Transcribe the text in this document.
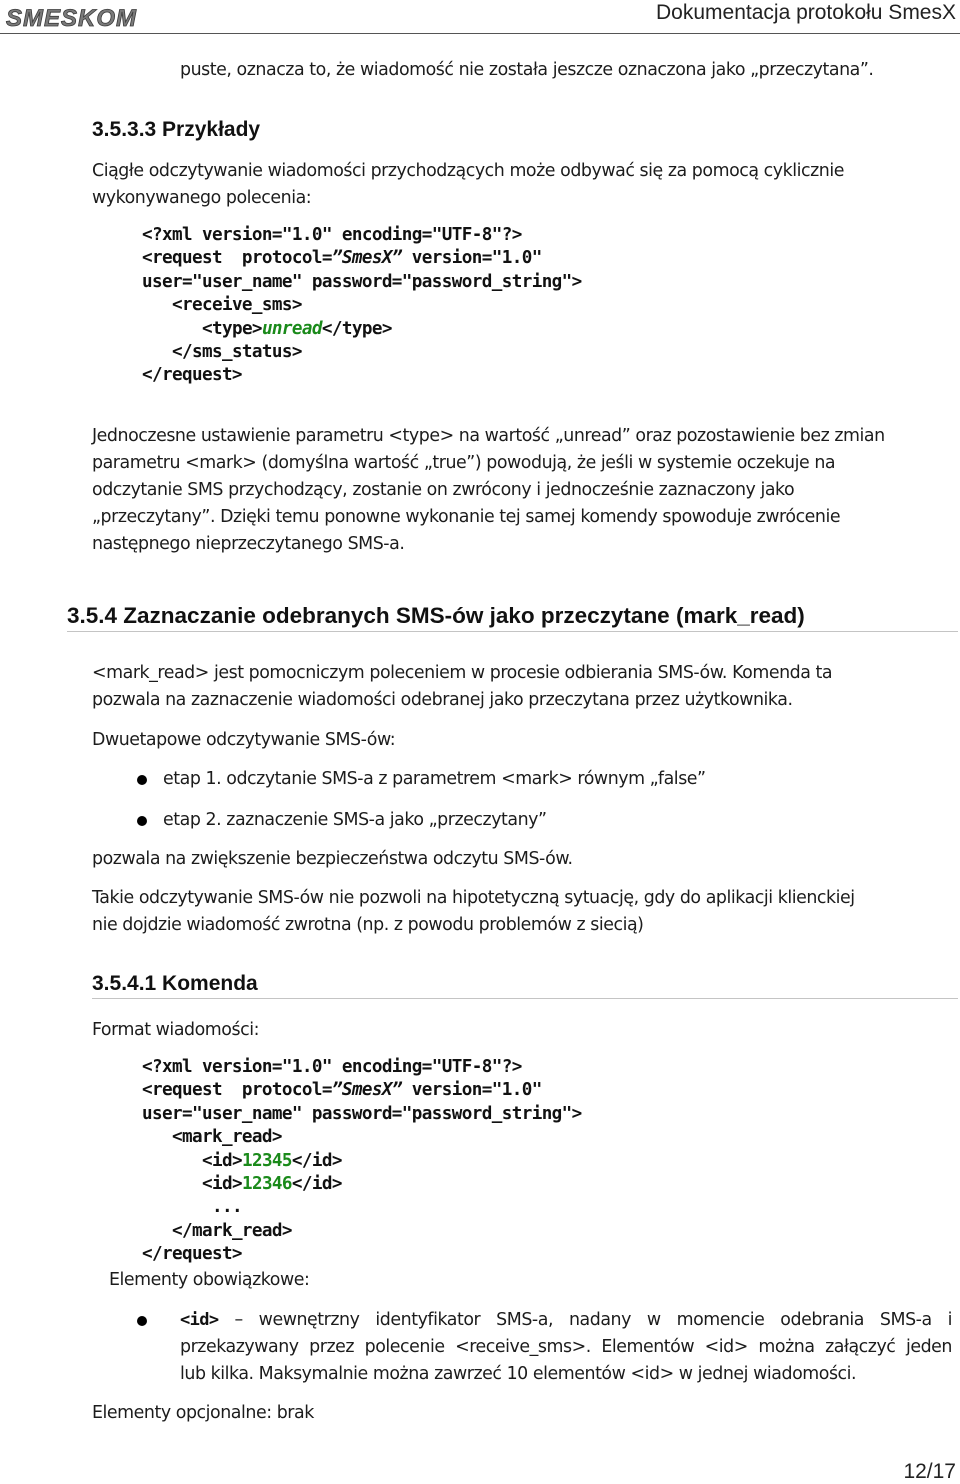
SMESKOM	Dokumentacja protokołu SmesX
puste, oznacza to, że wiadomość nie została jeszcze oznaczona jako „przeczytana”.
3.5.3.3 Przykłady
Ciągłe odczytywanie wiadomości przychodzących może odbywać się za pomocą cyklicznie
wykonywanego polecenia:
<?xml version="1.0" encoding="UTF-8"?>
<request  protocol=”SmesX” version="1.0"
user="user_name" password="password_string">
<receive_sms>
<type>unread</type>
</sms_status>
</request>
Jednoczesne ustawienie parametru <type> na wartość „unread” oraz pozostawienie bez zmian
parametru <mark> (domyślna wartość „true”) powodują, że jeśli w systemie oczekuje na
odczytanie SMS przychodzący, zostanie on zwrócony i jednocześnie zaznaczony jako
„przeczytany”. Dzięki temu ponowne wykonanie tej samej komendy spowoduje zwrócenie
następnego nieprzeczytanego SMS-a.
3.5.4 Zaznaczanie odebranych SMS-ów jako przeczytane (mark_read)
<mark_read> jest pomocniczym poleceniem w procesie odbierania SMS-ów. Komenda ta
pozwala na zaznaczenie wiadomości odebranej jako przeczytana przez użytkownika.
Dwuetapowe odczytywanie SMS-ów:
etap 1. odczytanie SMS-a z parametrem <mark> równym „false”
etap 2. zaznaczenie SMS-a jako „przeczytany”
pozwala na zwiększenie bezpieczeństwa odczytu SMS-ów.
Takie odczytywanie SMS-ów nie pozwoli na hipotetyczną sytuację, gdy do aplikacji klienckiej
nie dojdzie wiadomość zwrotna (np. z powodu problemów z siecią)
3.5.4.1 Komenda
Format wiadomości:
<?xml version="1.0" encoding="UTF-8"?>
<request  protocol=”SmesX” version="1.0"
user="user_name" password="password_string">
<mark_read>
<id>12345</id>
<id>12346</id>
...
</mark_read>
</request>
Elementy obowiązkowe:
<id> – wewnętrzny identyfikator SMS-a, nadany w momencie odebrania SMS-a i
przekazywany przez polecenie <receive_sms>. Elementów <id> można załączyć jeden
lub kilka. Maksymalnie można zawrzeć 10 elementów <id> w jednej wiadomości.
Elementy opcjonalne: brak
12/17
